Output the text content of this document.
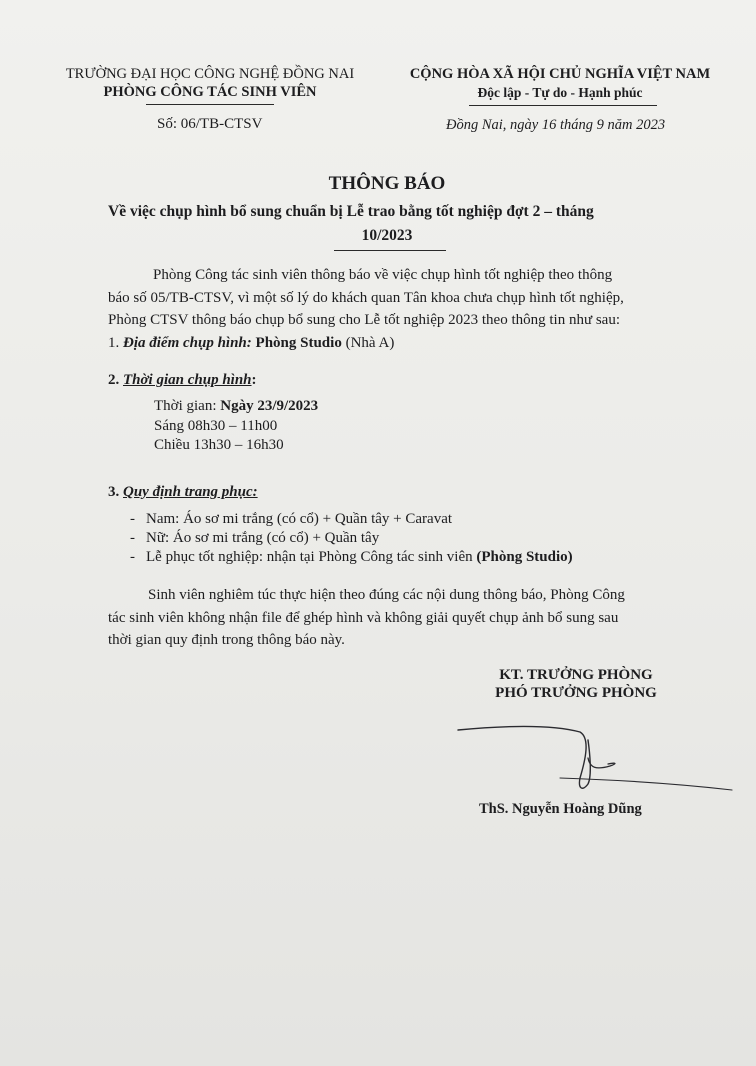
TRƯỜNG ĐẠI HỌC CÔNG NGHỆ ĐỒNG NAI
PHÒNG CÔNG TÁC SINH VIÊN
Số: 06/TB-CTSV
CỘNG HÒA XÃ HỘI CHỦ NGHĨA VIỆT NAM
Độc lập - Tự do - Hạnh phúc
Đồng Nai, ngày 16 tháng 9 năm 2023
THÔNG BÁO
Về việc chụp hình bổ sung chuẩn bị Lễ trao bằng tốt nghiệp đợt 2 – tháng
10/2023
Phòng Công tác sinh viên thông báo về việc chụp hình tốt nghiệp theo thông
báo số 05/TB-CTSV, vì một số lý do khách quan Tân khoa chưa chụp hình tốt nghiệp,
Phòng CTSV thông báo chụp bổ sung cho Lễ tốt nghiệp 2023 theo thông tin như sau:
1. Địa điểm chụp hình: Phòng Studio (Nhà A)
2. Thời gian chụp hình:
Thời gian: Ngày 23/9/2023
Sáng 08h30 – 11h00
Chiều 13h30 – 16h30
3. Quy định trang phục:
- Nam: Áo sơ mi trắng (có cổ) + Quần tây + Caravat
- Nữ: Áo sơ mi trắng (có cổ) + Quần tây
- Lễ phục tốt nghiệp: nhận tại Phòng Công tác sinh viên (Phòng Studio)
Sinh viên nghiêm túc thực hiện theo đúng các nội dung thông báo, Phòng Công
tác sinh viên không nhận file để ghép hình và không giải quyết chụp ảnh bổ sung sau
thời gian quy định trong thông báo này.
KT. TRƯỞNG PHÒNG
PHÓ TRƯỞNG PHÒNG
ThS. Nguyễn Hoàng Dũng
